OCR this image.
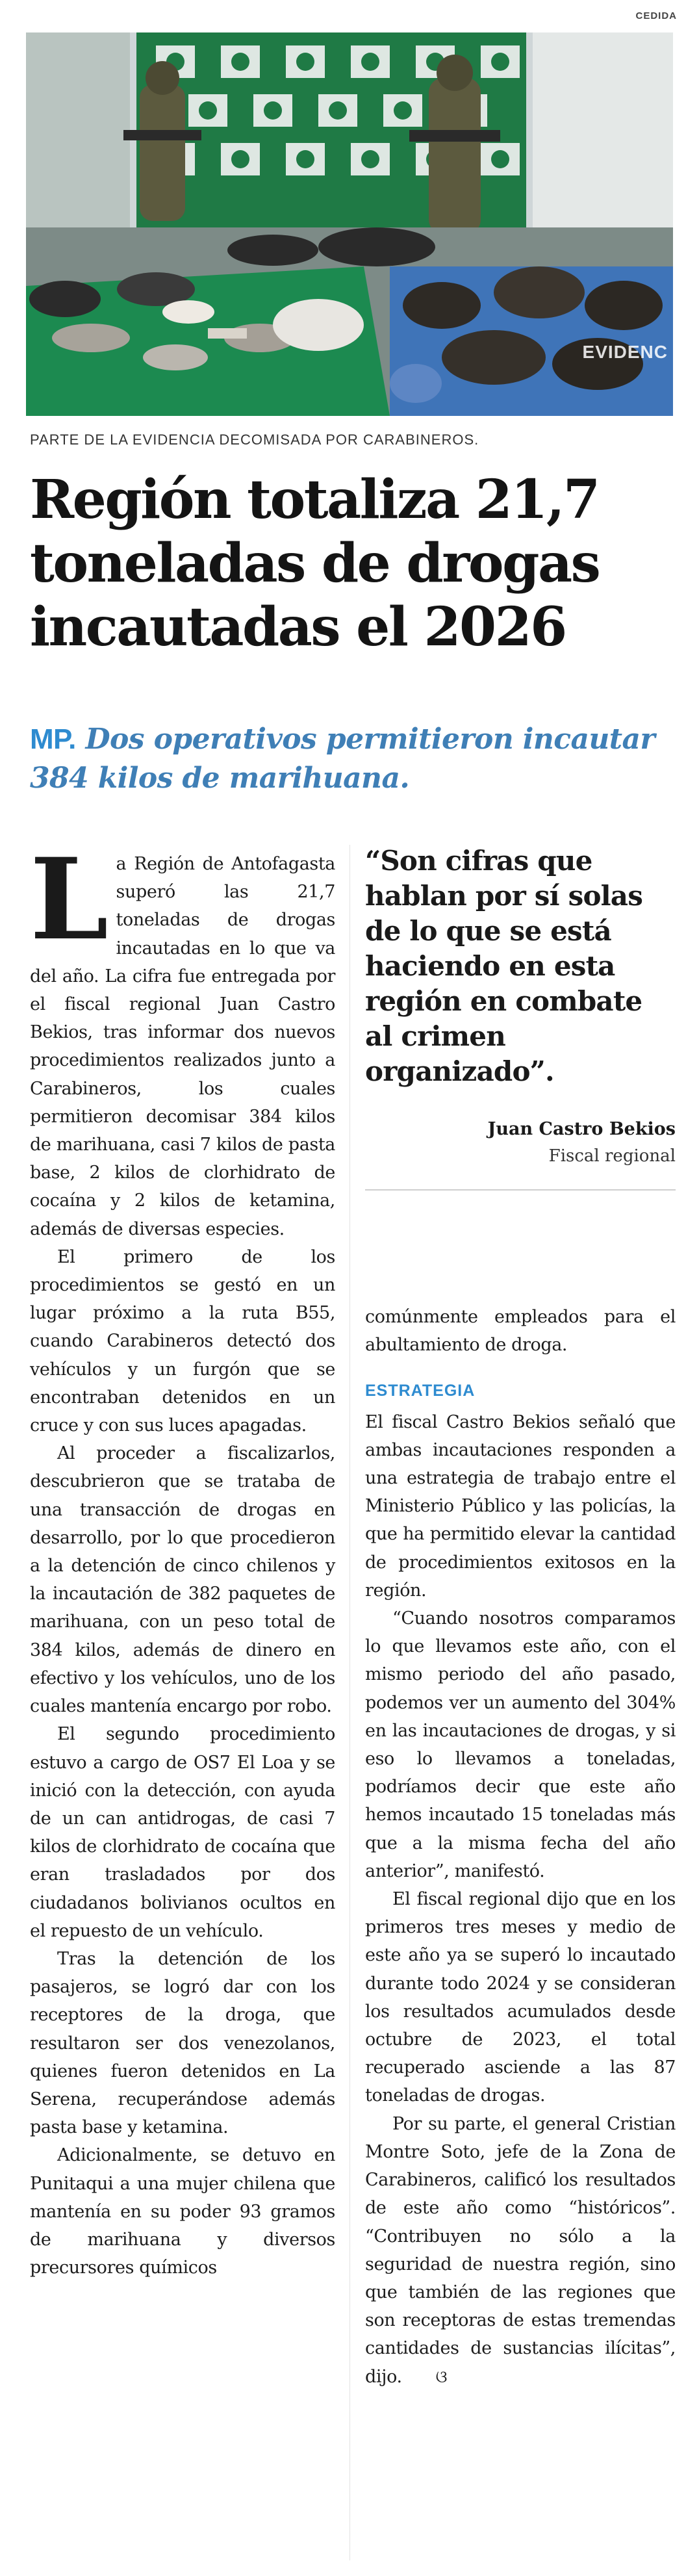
CEDIDA
EVIDENC
PARTE DE LA EVIDENCIA DECOMISADA POR CARABINEROS.
Región totaliza 21,7
toneladas de drogas
incautadas el 2026
MP. Dos operativos permitieron incautar 384 kilos de marihuana.

La Región de Antofagasta superó las 21,7 toneladas de drogas incautadas en lo que va del año. La cifra fue entregada por el fiscal regional Juan Castro Bekios, tras informar dos nuevos procedimientos realizados junto a Carabineros, los cuales permitieron decomisar 384 kilos de marihuana, casi 7 kilos de pasta base, 2 kilos de clorhidrato de cocaína y 2 kilos de ketamina, además de diversas especies.

El primero de los procedimientos se gestó en un lugar próximo a la ruta B55, cuando Carabineros detectó dos vehículos y un furgón que se encontraban detenidos en un cruce y con sus luces apagadas.

Al proceder a fiscalizarlos, descubrieron que se trataba de una transacción de drogas en desarrollo, por lo que procedieron a la detención de cinco chilenos y la incautación de 382 paquetes de marihuana, con un peso total de 384 kilos, además de dinero en efectivo y los vehículos, uno de los cuales mantenía encargo por robo.

El segundo procedimiento estuvo a cargo de OS7 El Loa y se inició con la detección, con ayuda de un can antidrogas, de casi 7 kilos de clorhidrato de cocaína que eran trasladados por dos ciudadanos bolivianos ocultos en el repuesto de un vehículo.

Tras la detención de los pasajeros, se logró dar con los receptores de la droga, que resultaron ser dos venezolanos, quienes fueron detenidos en La Serena, recuperándose además pasta base y ketamina.

Adicionalmente, se detuvo en Punitaqui a una mujer chilena que mantenía en su poder 93 gramos de marihuana y diversos precursores químicos

“Son cifras que hablan por sí solas de lo que se está haciendo en esta región en combate al crimen organizado”.
Juan Castro Bekios
Fiscal regional

comúnmente empleados para el abultamiento de droga.

ESTRATEGIA

El fiscal Castro Bekios señaló que ambas incautaciones responden a una estrategia de trabajo entre el Ministerio Público y las policías, la que ha permitido elevar la cantidad de procedimientos exitosos en la región.

“Cuando nosotros comparamos lo que llevamos este año, con el mismo periodo del año pasado, podemos ver un aumento del 304% en las incautaciones de drogas, y si eso lo llevamos a toneladas, podríamos decir que este año hemos incautado 15 toneladas más que a la misma fecha del año anterior”, manifestó.

El fiscal regional dijo que en los primeros tres meses y medio de este año ya se superó lo incautado durante todo 2024 y se consideran los resultados acumulados desde octubre de 2023, el total recuperado asciende a las 87 toneladas de drogas.

Por su parte, el general Cristian Montre Soto, jefe de la Zona de Carabineros, calificó los resultados de este año como “históricos”. “Contribuyen no sólo a la seguridad de nuestra región, sino que también de las regiones que son receptoras de estas tremendas cantidades de sustancias ilícitas”, dijo. ଓ
